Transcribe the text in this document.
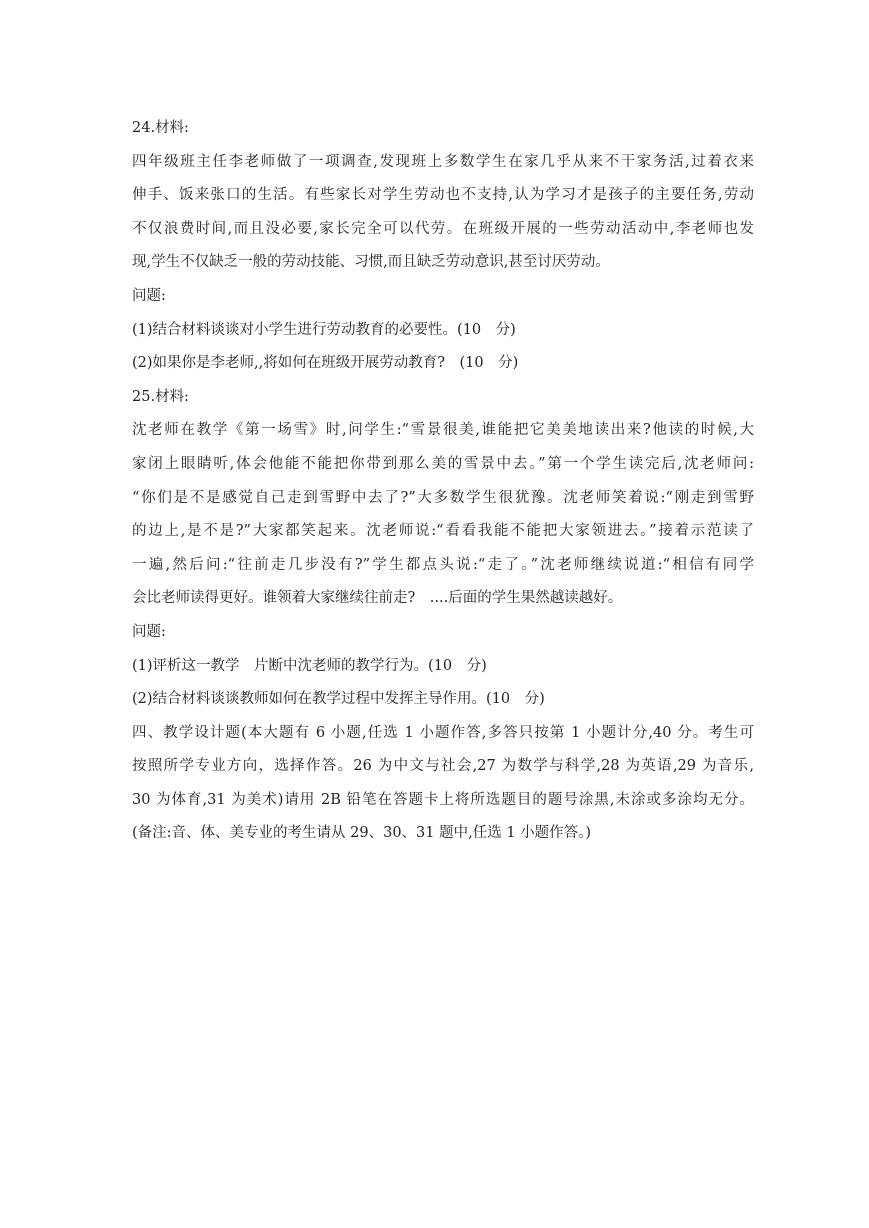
24.材料:
四年级班主任李老师做了一项调查,发现班上多数学生在家几乎从来不干家务活,过着衣来
伸手、饭来张口的生活。有些家长对学生劳动也不支持,认为学习才是孩子的主要任务,劳动
不仅浪费时间,而且没必要,家长完全可以代劳。在班级开展的一些劳动活动中,李老师也发
现,学生不仅缺乏一般的劳动技能、习惯,而且缺乏劳动意识,甚至讨厌劳动。
问题:
(1)结合材料谈谈对小学生进行劳动教育的必要性。(10　分)
(2)如果你是李老师,,将如何在班级开展劳动教育?　(10　分)
25.材料:
沈老师在教学《第一场雪》时,问学生:“雪景很美,谁能把它美美地读出来?他读的时候,大
家闭上眼睛听,体会他能不能把你带到那么美的雪景中去。”第一个学生读完后,沈老师问:
“你们是不是感觉自己走到雪野中去了?”大多数学生很犹豫。沈老师笑着说:“刚走到雪野
的边上,是不是?”大家都笑起来。沈老师说:“看看我能不能把大家领进去。”接着示范读了
一遍,然后问:“往前走几步没有?”学生都点头说:“走了。”沈老师继续说道:“相信有同学
会比老师读得更好。谁领着大家继续往前走?　....后面的学生果然越读越好。
问题:
(1)评析这一教学　片断中沈老师的教学行为。(10　分)
(2)结合材料谈谈教师如何在教学过程中发挥主导作用。(10　分)
四、教学设计题(本大题有 6 小题,任选 1 小题作答,多答只按第 1 小题计分,40 分。考生可
按照所学专业方向，选择作答。26 为中文与社会,27 为数学与科学,28 为英语,29 为音乐,
30 为体育,31 为美术)请用 2B 铅笔在答题卡上将所选题目的题号涂黑,未涂或多涂均无分。
(备注:音、体、美专业的考生请从 29、30、31 题中,任选 1 小题作答。)
